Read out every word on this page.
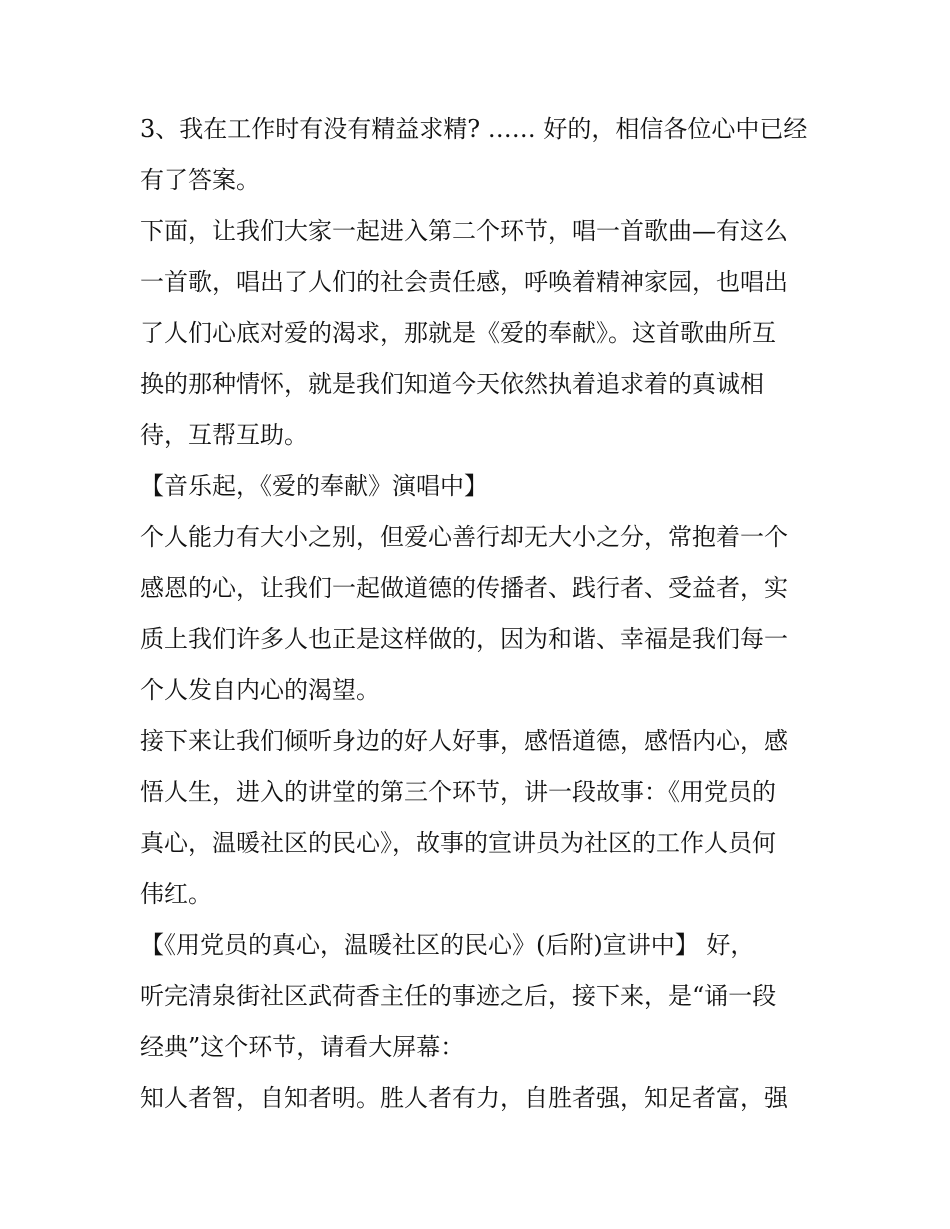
3、我在工作时有没有精益求精? …… 好的，相信各位心中已经
有了答案。
下面，让我们大家一起进入第二个环节，唱一首歌曲—有这么
一首歌，唱出了人们的社会责任感，呼唤着精神家园，也唱出
了人们心底对爱的渴求，那就是《爱的奉献》。这首歌曲所互
换的那种情怀，就是我们知道今天依然执着追求着的真诚相
待，互帮互助。
【音乐起，《爱的奉献》演唱中】
个人能力有大小之别，但爱心善行却无大小之分，常抱着一个
感恩的心，让我们一起做道德的传播者、践行者、受益者，实
质上我们许多人也正是这样做的，因为和谐、幸福是我们每一
个人发自内心的渴望。
接下来让我们倾听身边的好人好事，感悟道德，感悟内心，感
悟人生，进入的讲堂的第三个环节，讲一段故事：《用党员的
真心，温暖社区的民心》，故事的宣讲员为社区的工作人员何
伟红。
【《用党员的真心，温暖社区的民心》(后附)宣讲中】 好，
听完清泉街社区武荷香主任的事迹之后，接下来，是“诵一段
经典”这个环节，请看大屏幕：
知人者智，自知者明。胜人者有力，自胜者强，知足者富，强
